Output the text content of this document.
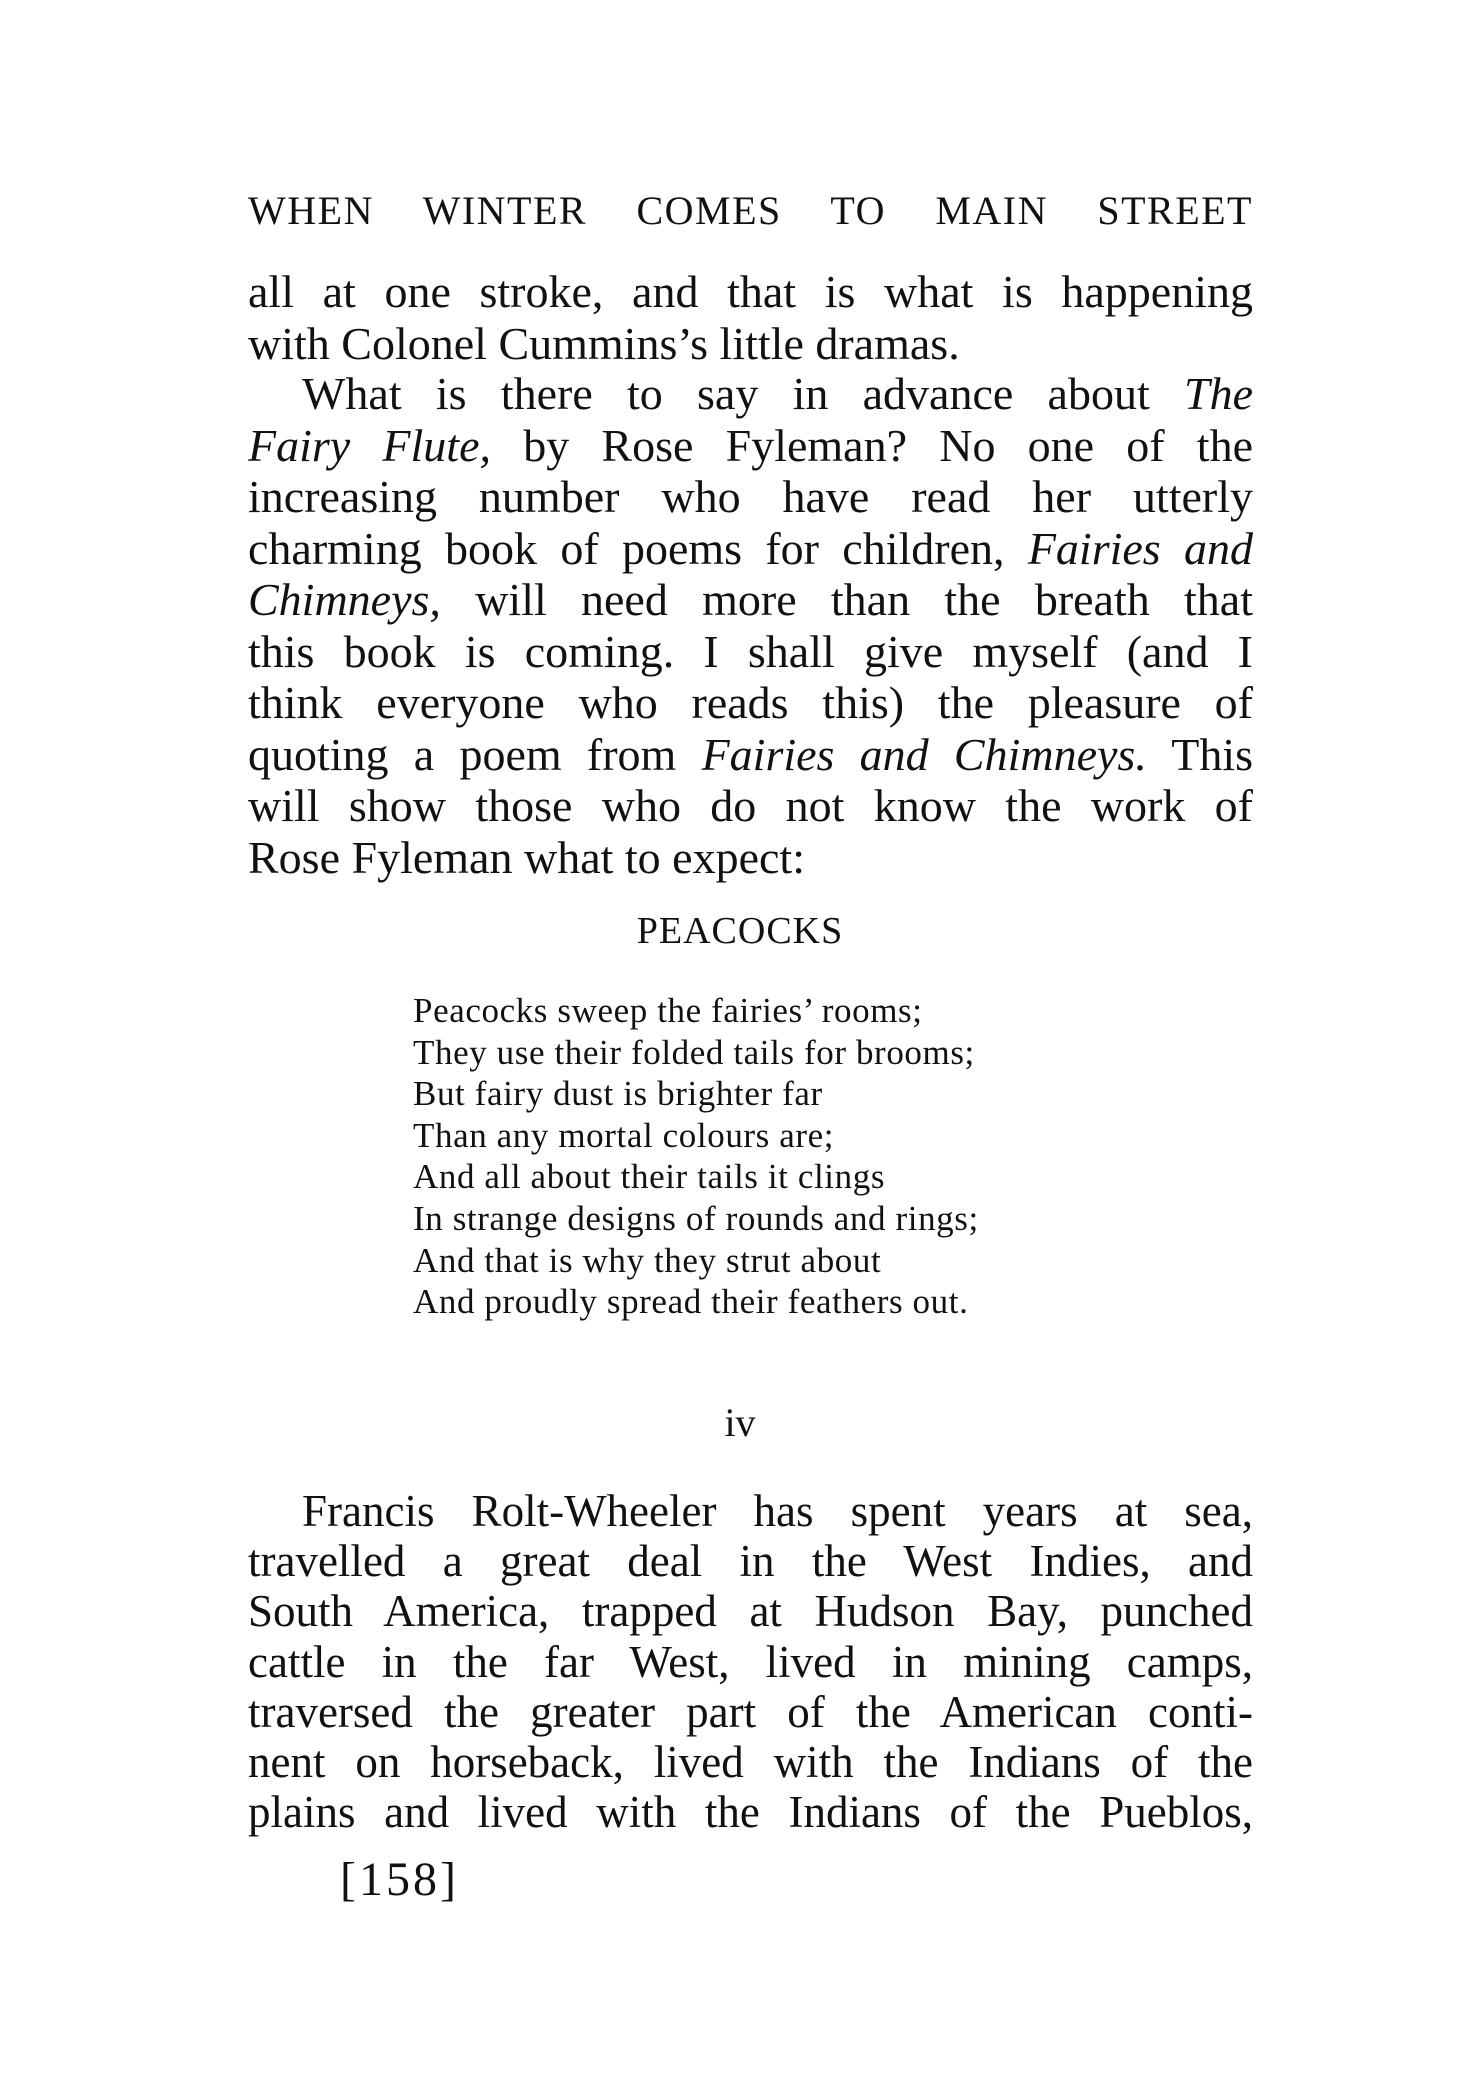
WHEN WINTER COMES TO MAIN STREET
all at one stroke, and that is what is happening
with Colonel Cummins’s little dramas.
What is there to say in advance about The
Fairy Flute, by Rose Fyleman? No one of the
increasing number who have read her utterly
charming book of poems for children, Fairies and
Chimneys, will need more than the breath that
this book is coming. I shall give myself (and I
think everyone who reads this) the pleasure of
quoting a poem from Fairies and Chimneys. This
will show those who do not know the work of
Rose Fyleman what to expect:
PEACOCKS
Peacocks sweep the fairies’ rooms;
They use their folded tails for brooms;
But fairy dust is brighter far
Than any mortal colours are;
And all about their tails it clings
In strange designs of rounds and rings;
And that is why they strut about
And proudly spread their feathers out.
iv
Francis Rolt-Wheeler has spent years at sea,
travelled a great deal in the West Indies, and
South America, trapped at Hudson Bay, punched
cattle in the far West, lived in mining camps,
traversed the greater part of the American conti-
nent on horseback, lived with the Indians of the
plains and lived with the Indians of the Pueblos,
[158]
